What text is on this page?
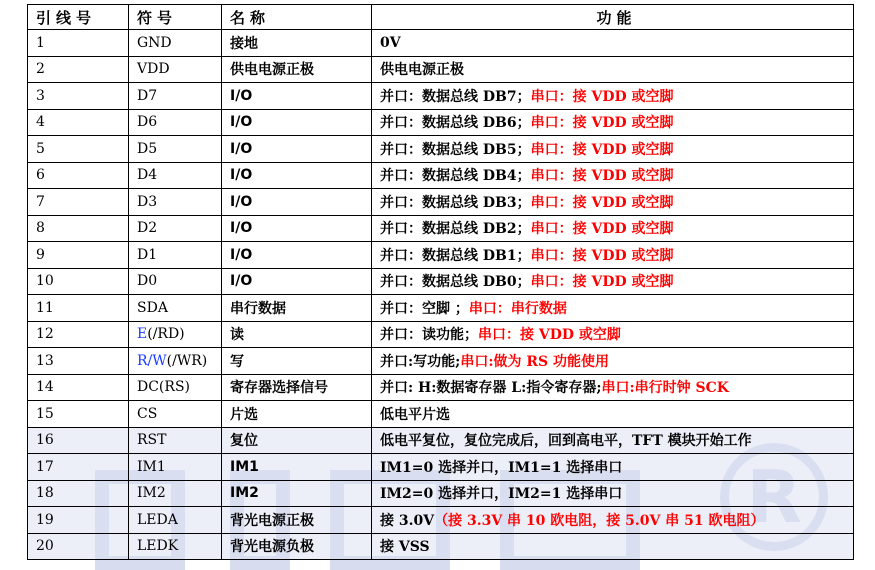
引线号	符号	名称	功能
1	GND	接地	0V
2	VDD	供电电源正极	供电电源正极
3	D7	I/O	并口：数据总线 DB7；串口：接 VDD 或空脚
4	D6	I/O	并口：数据总线 DB6；串口：接 VDD 或空脚
5	D5	I/O	并口：数据总线 DB5；串口：接 VDD 或空脚
6	D4	I/O	并口：数据总线 DB4；串口：接 VDD 或空脚
7	D3	I/O	并口：数据总线 DB3；串口：接 VDD 或空脚
8	D2	I/O	并口：数据总线 DB2；串口：接 VDD 或空脚
9	D1	I/O	并口：数据总线 DB1；串口：接 VDD 或空脚
10	D0	I/O	并口：数据总线 DB0；串口：接 VDD 或空脚
11	SDA	串行数据	并口：空脚 ；串口：串行数据
12	E(/RD)	读	并口：读功能；串口：接 VDD 或空脚
13	R/W(/WR)	写	并口:写功能;串口:做为 RS 功能使用
14	DC(RS)	寄存器选择信号	并口: H:数据寄存器 L:指令寄存器;串口:串行时钟 SCK
15	CS	片选	低电平片选
16	RST	复位	低电平复位，复位完成后，回到高电平，TFT 模块开始工作
17	IM1	IM1	IM1=0 选择并口，IM1=1 选择串口
18	IM2	IM2	IM2=0 选择并口，IM2=1 选择串口
19	LEDA	背光电源正极	接 3.0V（接 3.3V 串 10 欧电阻，接 5.0V 串 51 欧电阻）
20	LEDK	背光电源负极	接 VSS
